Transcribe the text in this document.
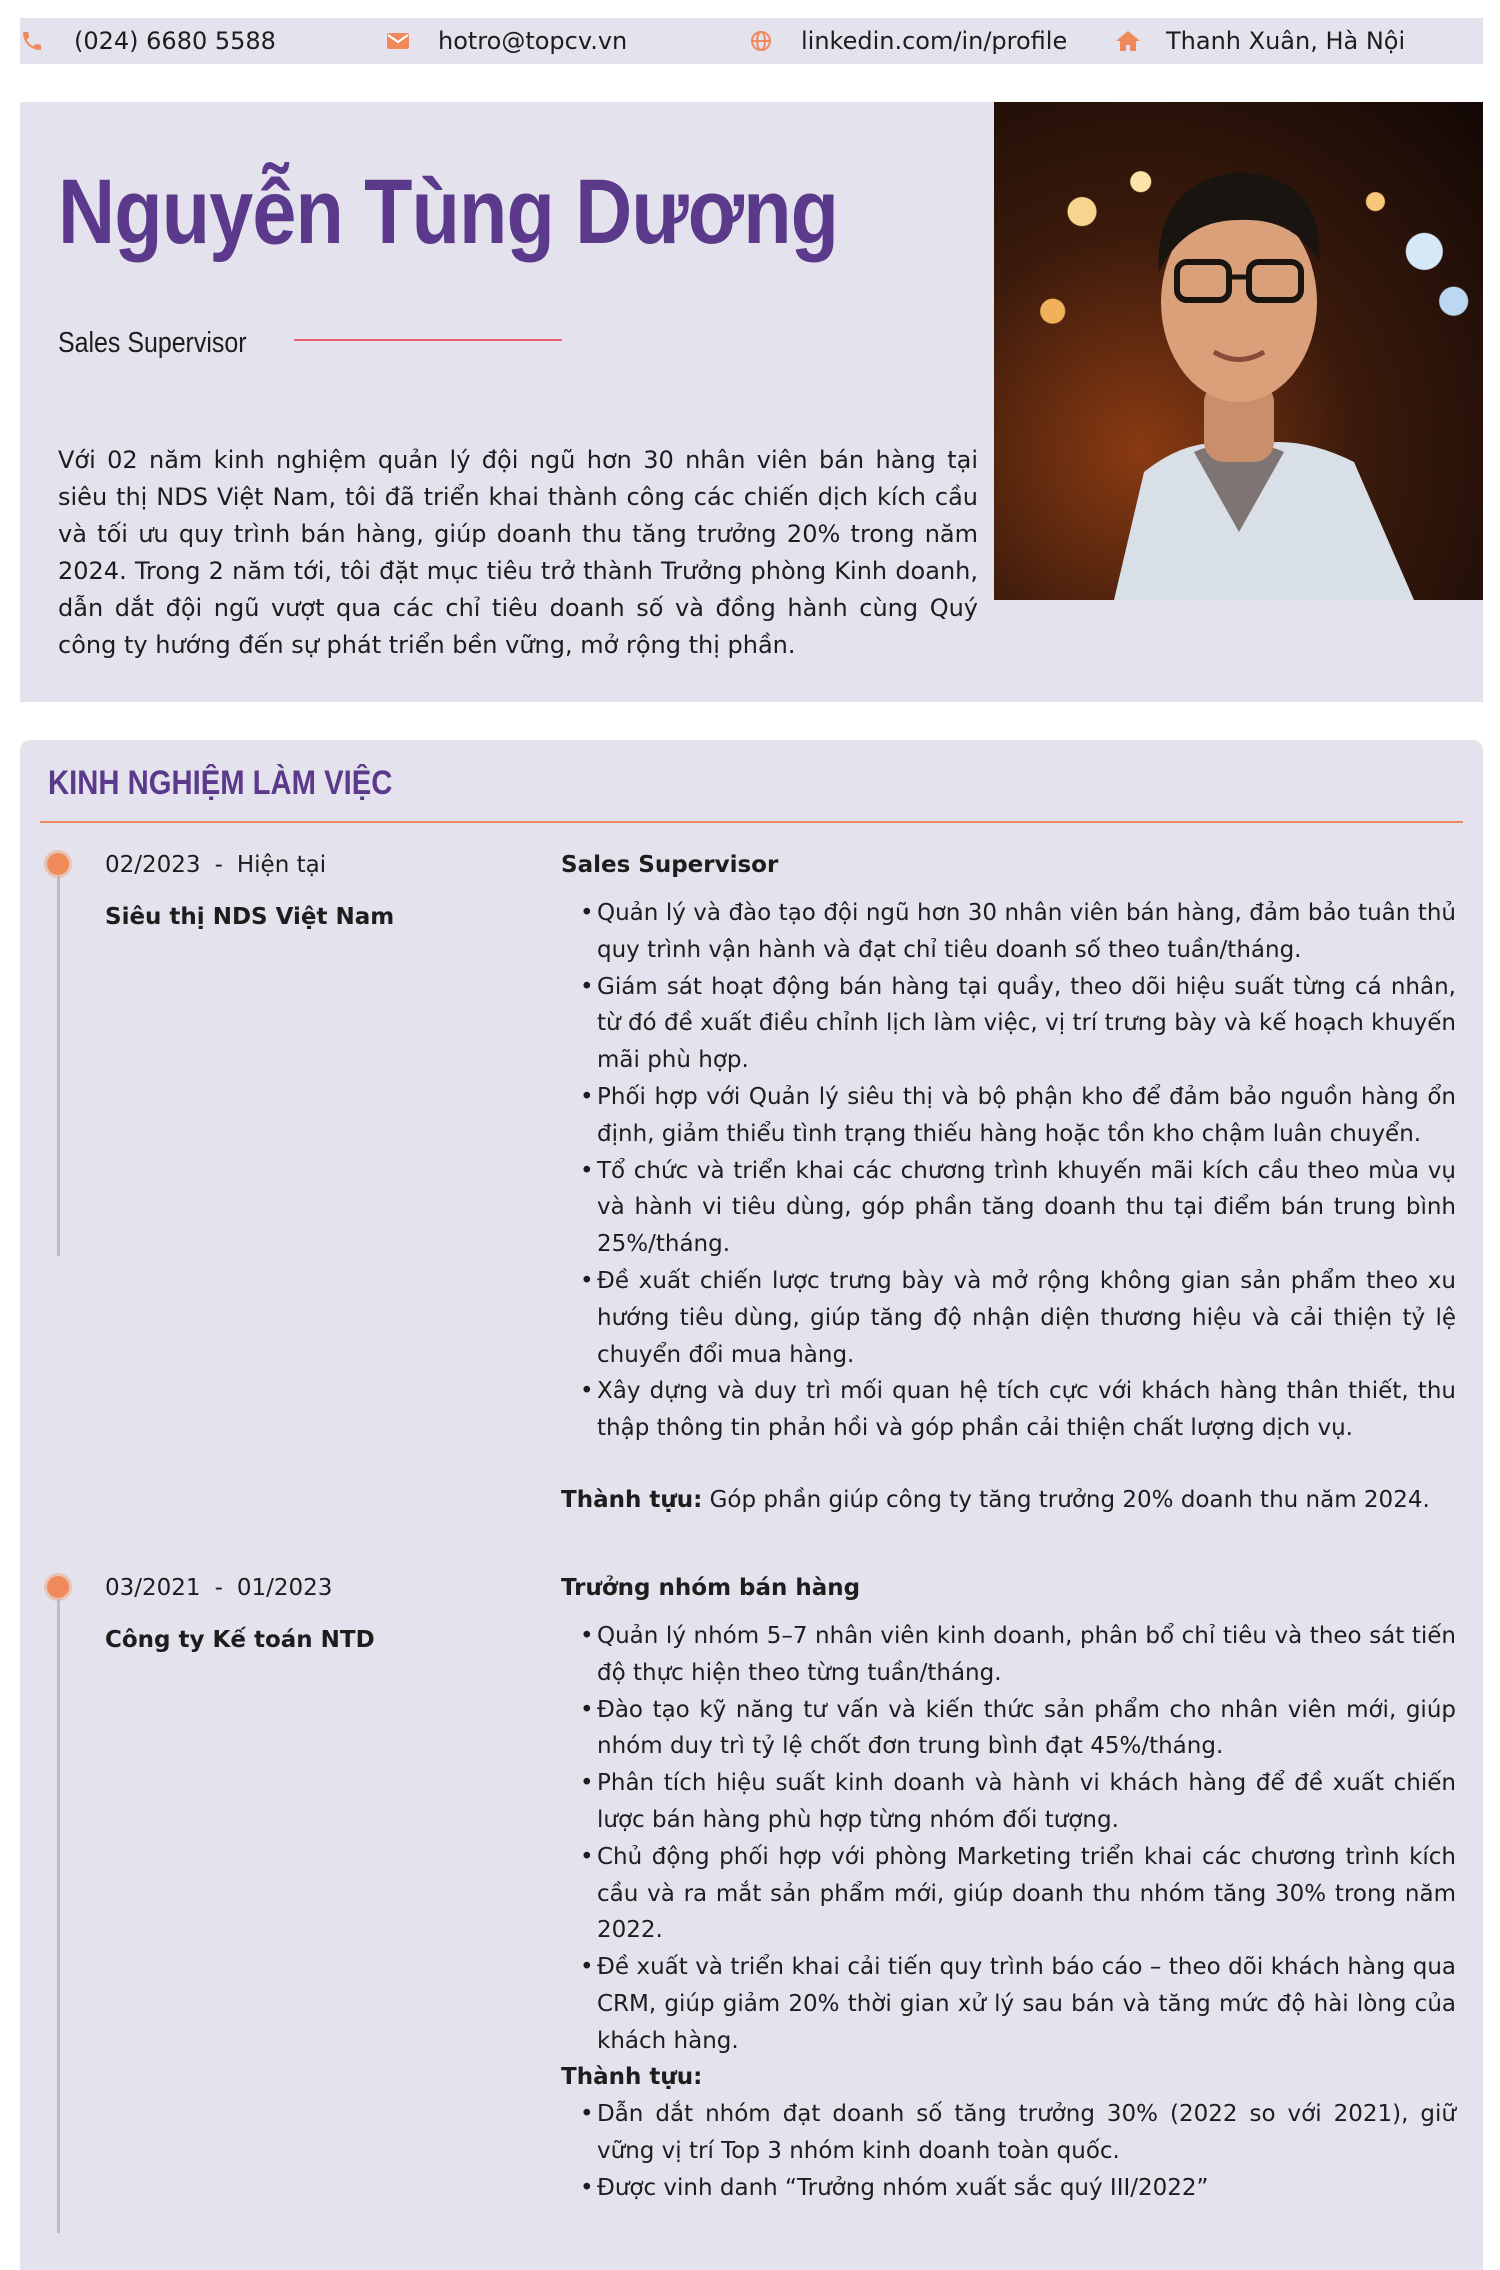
(024) 6680 5588	hotro@topcv.vn	linkedin.com/in/profile	Thanh Xuân, Hà Nội
Nguyễn Tùng Dương
Sales Supervisor
Với 02 năm kinh nghiệm quản lý đội ngũ hơn 30 nhân viên bán hàng tại siêu thị NDS Việt Nam, tôi đã triển khai thành công các chiến dịch kích cầu và tối ưu quy trình bán hàng, giúp doanh thu tăng trưởng 20% trong năm 2024. Trong 2 năm tới, tôi đặt mục tiêu trở thành Trưởng phòng Kinh doanh, dẫn dắt đội ngũ vượt qua các chỉ tiêu doanh số và đồng hành cùng Quý công ty hướng đến sự phát triển bền vững, mở rộng thị phần.
KINH NGHIỆM LÀM VIỆC
02/2023 - Hiện tại
Siêu thị NDS Việt Nam
Sales Supervisor
• Quản lý và đào tạo đội ngũ hơn 30 nhân viên bán hàng, đảm bảo tuân thủ quy trình vận hành và đạt chỉ tiêu doanh số theo tuần/tháng.
• Giám sát hoạt động bán hàng tại quầy, theo dõi hiệu suất từng cá nhân, từ đó đề xuất điều chỉnh lịch làm việc, vị trí trưng bày và kế hoạch khuyến mãi phù hợp.
• Phối hợp với Quản lý siêu thị và bộ phận kho để đảm bảo nguồn hàng ổn định, giảm thiểu tình trạng thiếu hàng hoặc tồn kho chậm luân chuyển.
• Tổ chức và triển khai các chương trình khuyến mãi kích cầu theo mùa vụ và hành vi tiêu dùng, góp phần tăng doanh thu tại điểm bán trung bình 25%/tháng.
• Đề xuất chiến lược trưng bày và mở rộng không gian sản phẩm theo xu hướng tiêu dùng, giúp tăng độ nhận diện thương hiệu và cải thiện tỷ lệ chuyển đổi mua hàng.
• Xây dựng và duy trì mối quan hệ tích cực với khách hàng thân thiết, thu thập thông tin phản hồi và góp phần cải thiện chất lượng dịch vụ.
Thành tựu: Góp phần giúp công ty tăng trưởng 20% doanh thu năm 2024.
03/2021 - 01/2023
Công ty Kế toán NTD
Trưởng nhóm bán hàng
• Quản lý nhóm 5–7 nhân viên kinh doanh, phân bổ chỉ tiêu và theo sát tiến độ thực hiện theo từng tuần/tháng.
• Đào tạo kỹ năng tư vấn và kiến thức sản phẩm cho nhân viên mới, giúp nhóm duy trì tỷ lệ chốt đơn trung bình đạt 45%/tháng.
• Phân tích hiệu suất kinh doanh và hành vi khách hàng để đề xuất chiến lược bán hàng phù hợp từng nhóm đối tượng.
• Chủ động phối hợp với phòng Marketing triển khai các chương trình kích cầu và ra mắt sản phẩm mới, giúp doanh thu nhóm tăng 30% trong năm 2022.
• Đề xuất và triển khai cải tiến quy trình báo cáo – theo dõi khách hàng qua CRM, giúp giảm 20% thời gian xử lý sau bán và tăng mức độ hài lòng của khách hàng.
Thành tựu:
• Dẫn dắt nhóm đạt doanh số tăng trưởng 30% (2022 so với 2021), giữ vững vị trí Top 3 nhóm kinh doanh toàn quốc.
• Được vinh danh “Trưởng nhóm xuất sắc quý III/2022”
